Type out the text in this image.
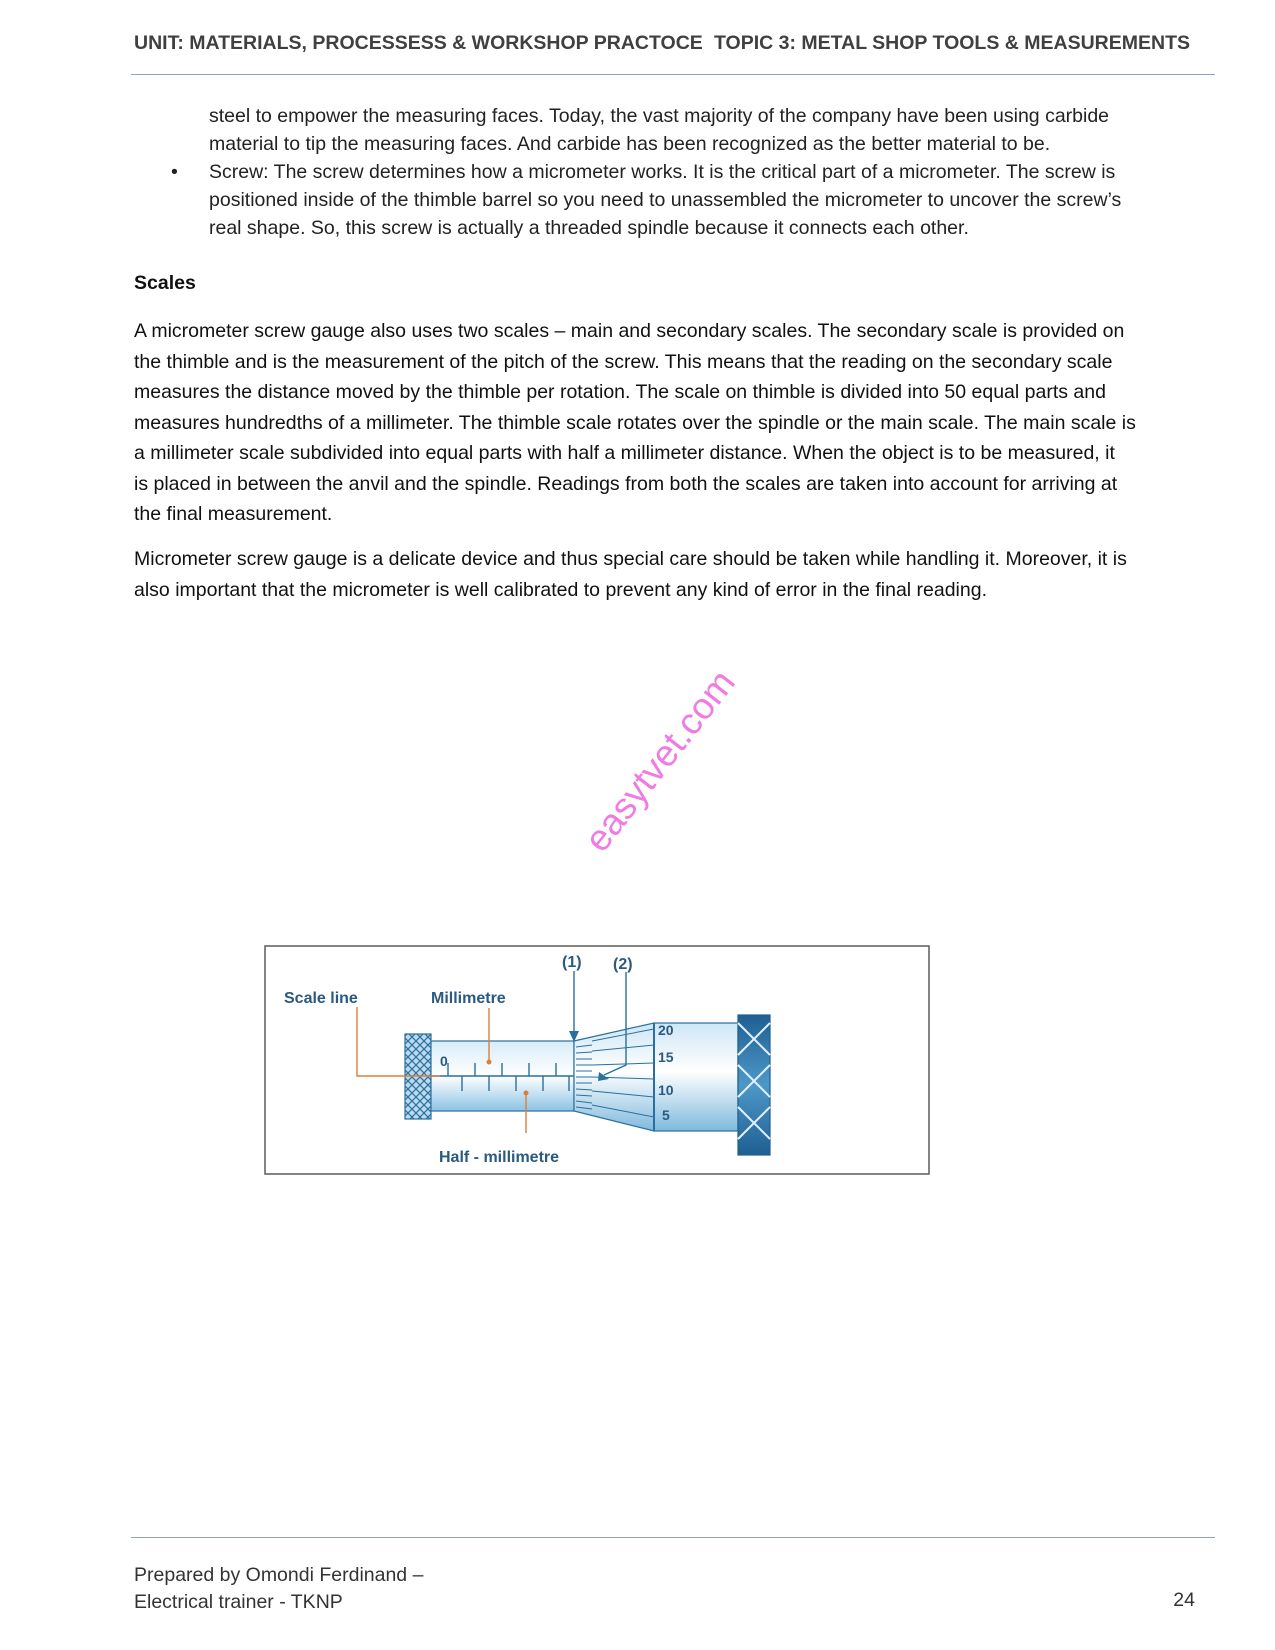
UNIT: MATERIALS, PROCESSESS & WORKSHOP PRACTOCE TOPIC 3: METAL SHOP TOOLS & MEASUREMENTS
steel to empower the measuring faces. Today, the vast majority of the company have been using carbide
material to tip the measuring faces. And carbide has been recognized as the better material to be.
• Screw: The screw determines how a micrometer works. It is the critical part of a micrometer. The screw is
positioned inside of the thimble barrel so you need to unassembled the micrometer to uncover the screw’s
real shape. So, this screw is actually a threaded spindle because it connects each other.
Scales
A micrometer screw gauge also uses two scales – main and secondary scales. The secondary scale is provided on
the thimble and is the measurement of the pitch of the screw. This means that the reading on the secondary scale
measures the distance moved by the thimble per rotation. The scale on thimble is divided into 50 equal parts and
measures hundredths of a millimeter. The thimble scale rotates over the spindle or the main scale. The main scale is
a millimeter scale subdivided into equal parts with half a millimeter distance. When the object is to be measured, it
is placed in between the anvil and the spindle. Readings from both the scales are taken into account for arriving at
the final measurement.
Micrometer screw gauge is a delicate device and thus special care should be taken while handling it. Moreover, it is
also important that the micrometer is well calibrated to prevent any kind of error in the final reading.
easytvet.com
0
20
15
10
5
Scale line	Millimetre
Half - millimetre
(1) (2)
Prepared by Omondi Ferdinand –
Electrical trainer - TKNP	24
